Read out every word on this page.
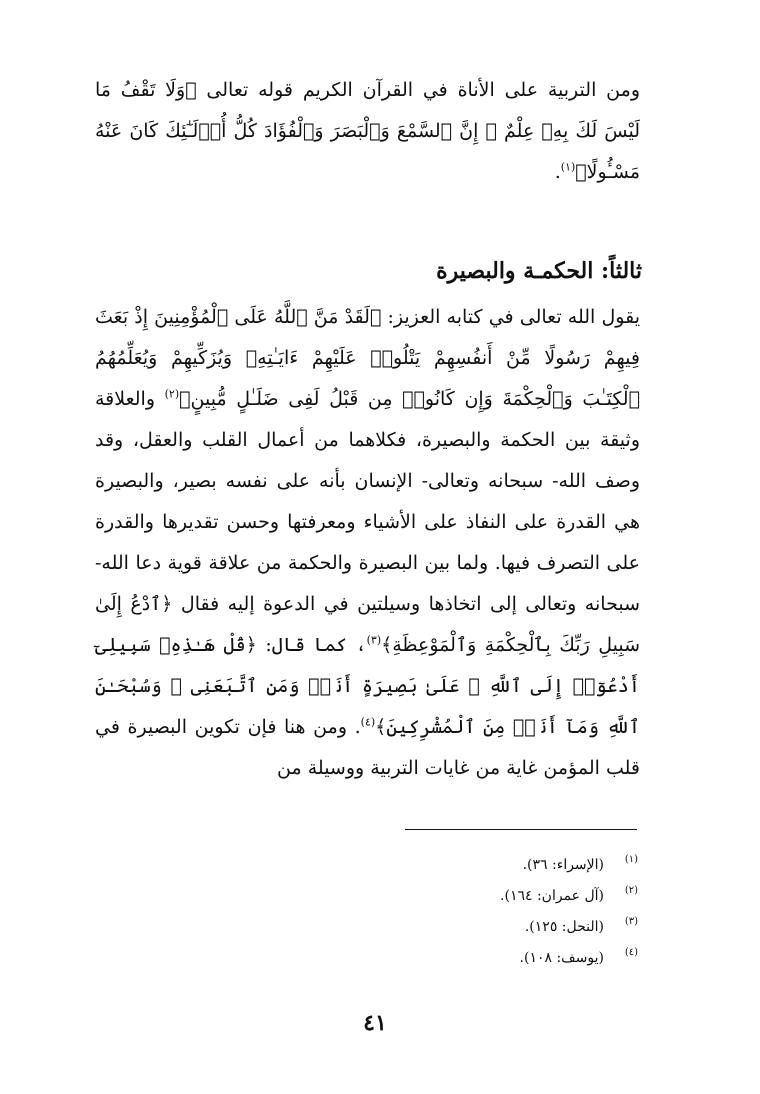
ومن التربية على الأناة في القرآن الكريم قوله تعالى ﴿وَلَا تَقْفُ مَا لَيْسَ لَكَ بِهِۦ عِلْمٌ ۚ إِنَّ ٱلسَّمْعَ وَٱلْبَصَرَ وَٱلْفُؤَادَ كُلُّ أُو۟لَـٰٓئِكَ كَانَ عَنْهُ مَسْـُٔولًا﴾$^{(١)}$.

ثالثاً: الحكمـة والبصيرة

يقول الله تعالى في كتابه العزيز: ﴿لَقَدْ مَنَّ ٱللَّهُ عَلَى ٱلْمُؤْمِنِينَ إِذْ بَعَثَ فِيهِمْ رَسُولًا مِّنْ أَنفُسِهِمْ يَتْلُوا۟ عَلَيْهِمْ ءَايَـٰتِهِۦ وَيُزَكِّيهِمْ وَيُعَلِّمُهُمُ ٱلْكِتَـٰبَ وَٱلْحِكْمَةَ وَإِن كَانُوا۟ مِن قَبْلُ لَفِى ضَلَـٰلٍ مُّبِينٍ﴾$^{(٢)}$ والعلاقة وثيقة بين الحكمة والبصيرة، فكلاهما من أعمال القلب والعقل، وقد وصف الله- سبحانه وتعالى- الإنسان بأنه على نفسه بصير، والبصيرة هي القدرة على النفاذ على الأشياء ومعرفتها وحسن تقديرها والقدرة على التصرف فيها. ولما بين البصيرة والحكمة من علاقة قوية دعا الله- سبحانه وتعالى إلى اتخاذها وسيلتين في الدعوة إليه فقال ﴿ٱدْعُ إِلَىٰ سَبِيلِ رَبِّكَ بِٱلْحِكْمَةِ وَٱلْمَوْعِظَةِ﴾$^{(٣)}$، كما قال: ﴿قُلْ هَـٰذِهِۦ سَبِيلِىٓ أَدْعُوٓا۟ إِلَى ٱللَّهِ ۚ عَلَىٰ بَصِيرَةٍ أَنَا۠ وَمَنِ ٱتَّبَعَنِى ۖ وَسُبْحَـٰنَ ٱللَّهِ وَمَآ أَنَا۠ مِنَ ٱلْمُشْرِكِينَ﴾$^{(٤)}$. ومن هنا فإن تكوين البصيرة في قلب المؤمن غاية من غايات التربية ووسيلة من

(١)
(الإسراء: ٣٦).
(٢)
(آل عمران: ١٦٤).
(٣)
(النحل: ١٢٥).
(٤)
(يوسف: ١٠٨).
٤١
